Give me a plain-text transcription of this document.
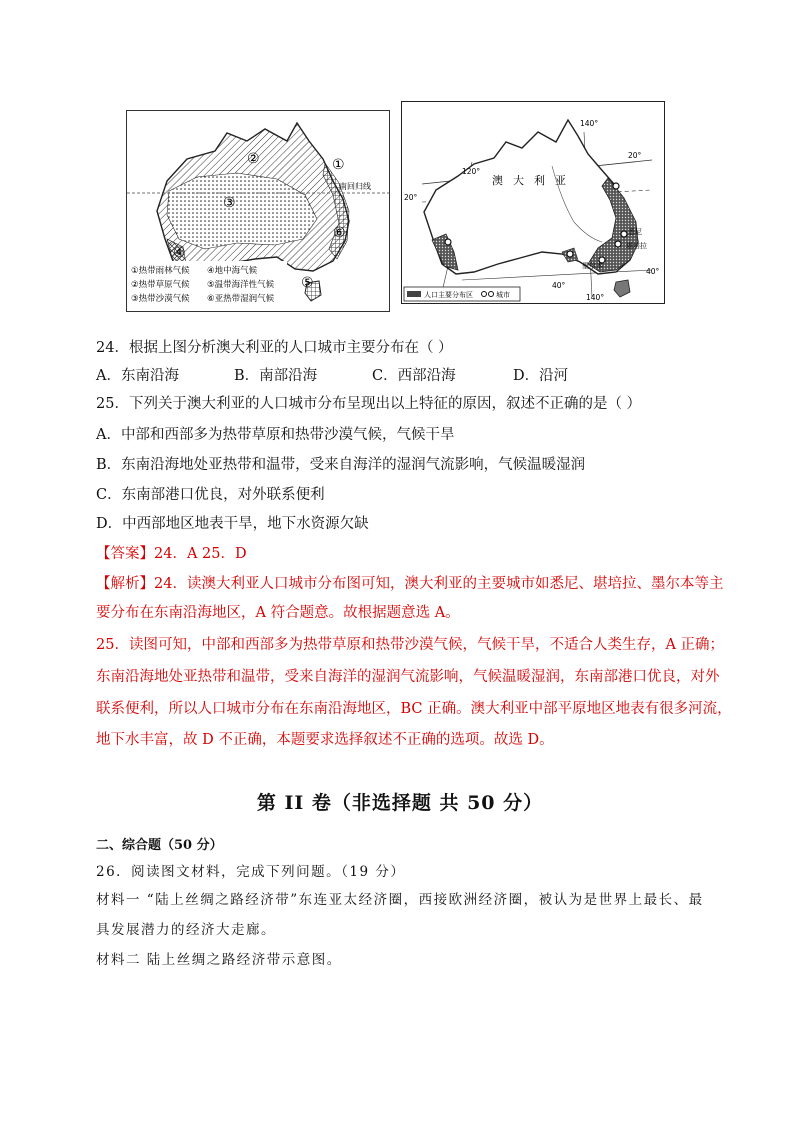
①
②
③
④
⑤
⑥
南回归线
①热带雨林气候 ④地中海气候
②热带草原气候 ⑤温带海洋性气候
③热带沙漠气候 ⑥亚热带湿润气候
澳大利亚
墨尔本
悉尼
堪培拉
140°
20°
120°
20°
40°
140°
40°
人口主要分布区	城市
24．根据上图分析澳大利亚的人口城市主要分布在（ ）
A．东南沿海	B．南部沿海	C．西部沿海	D．沿河
25．下列关于澳大利亚的人口城市分布呈现出以上特征的原因，叙述不正确的是（ ）
A．中部和西部多为热带草原和热带沙漠气候，气候干旱
B．东南沿海地处亚热带和温带，受来自海洋的湿润气流影响，气候温暖湿润
C．东南部港口优良，对外联系便利
D．中西部地区地表干旱，地下水资源欠缺
【答案】24．A 25．D
【解析】24．读澳大利亚人口城市分布图可知，澳大利亚的主要城市如悉尼、堪培拉、墨尔本等主
要分布在东南沿海地区，A 符合题意。故根据题意选 A。
25．读图可知，中部和西部多为热带草原和热带沙漠气候，气候干旱，不适合人类生存，A 正确；
东南沿海地处亚热带和温带，受来自海洋的湿润气流影响，气候温暖湿润，东南部港口优良，对外
联系便利，所以人口城市分布在东南沿海地区，BC 正确。澳大利亚中部平原地区地表有很多河流，
地下水丰富，故 D 不正确，本题要求选择叙述不正确的选项。故选 D。
第 II 卷（非选择题 共 50 分）
二、综合题（50 分）
26．阅读图文材料，完成下列问题。（19 分）
材料一 “陆上丝绸之路经济带”东连亚太经济圈，西接欧洲经济圈，被认为是世界上最长、最
具发展潜力的经济大走廊。
材料二 陆上丝绸之路经济带示意图。
